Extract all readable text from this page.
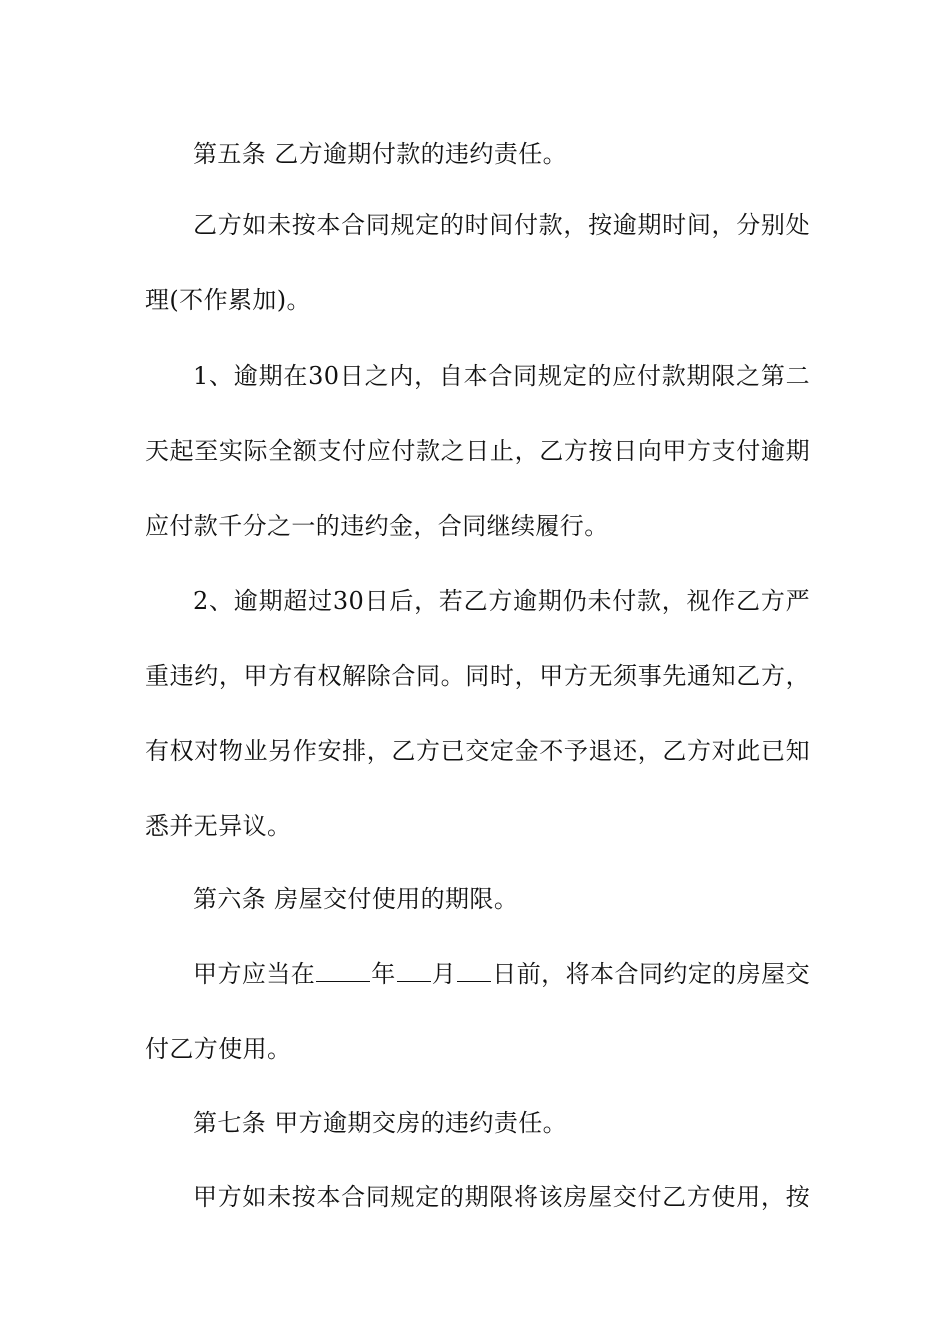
第五条 乙方逾期付款的违约责任。
乙方如未按本合同规定的时间付款，按逾期时间，分别处
理(不作累加)。
1、逾期在30日之内，自本合同规定的应付款期限之第二
天起至实际全额支付应付款之日止，乙方按日向甲方支付逾期
应付款千分之一的违约金，合同继续履行。
2、逾期超过30日后，若乙方逾期仍未付款，视作乙方严
重违约，甲方有权解除合同。同时，甲方无须事先通知乙方，
有权对物业另作安排，乙方已交定金不予退还，乙方对此已知
悉并无异议。
第六条 房屋交付使用的期限。
甲方应当在 年 月 日前，将本合同约定的房屋交
付乙方使用。
第七条 甲方逾期交房的违约责任。
甲方如未按本合同规定的期限将该房屋交付乙方使用，按
